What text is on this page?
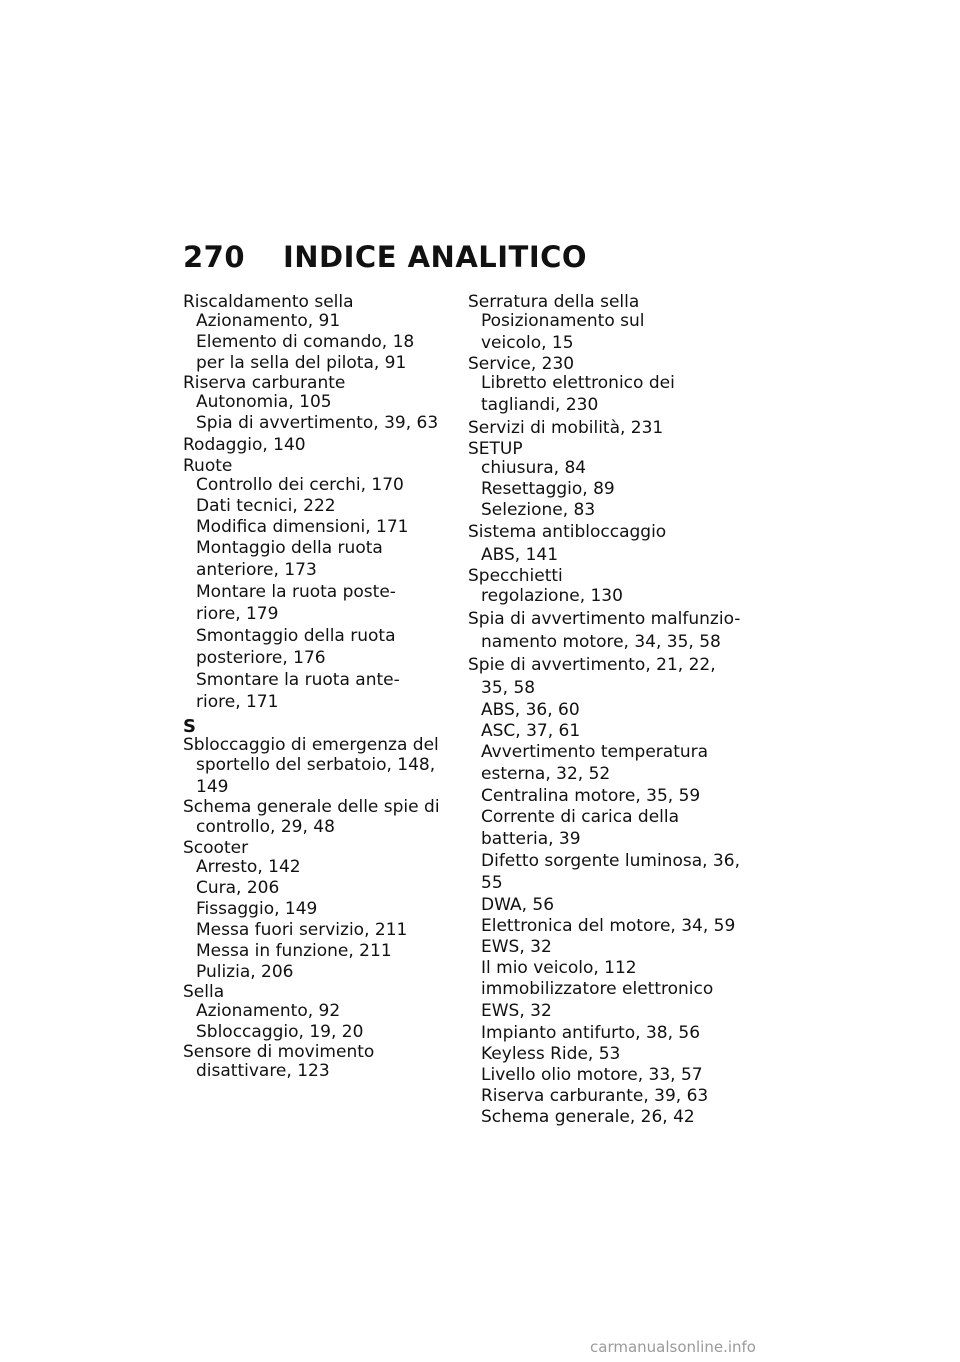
270 INDICE ANALITICO
Riscaldamento sella
Azionamento, 91
Elemento di comando, 18
per la sella del pilota, 91
Riserva carburante
Autonomia, 105
Spia di avvertimento, 39, 63
Rodaggio, 140
Ruote
Controllo dei cerchi, 170
Dati tecnici, 222
Modifica dimensioni, 171
Montaggio della ruota
anteriore, 173
Montare la ruota poste-
riore, 179
Smontaggio della ruota
posteriore, 176
Smontare la ruota ante-
riore, 171
S
Sbloccaggio di emergenza del
sportello del serbatoio, 148,
149
Schema generale delle spie di
controllo, 29, 48
Scooter
Arresto, 142
Cura, 206
Fissaggio, 149
Messa fuori servizio, 211
Messa in funzione, 211
Pulizia, 206
Sella
Azionamento, 92
Sbloccaggio, 19, 20
Sensore di movimento
disattivare, 123
Serratura della sella
Posizionamento sul
veicolo, 15
Service, 230
Libretto elettronico dei
tagliandi, 230
Servizi di mobilità, 231
SETUP
chiusura, 84
Resettaggio, 89
Selezione, 83
Sistema antibloccaggio
ABS, 141
Specchietti
regolazione, 130
Spia di avvertimento malfunzio-
namento motore, 34, 35, 58
Spie di avvertimento, 21, 22,
35, 58
ABS, 36, 60
ASC, 37, 61
Avvertimento temperatura
esterna, 32, 52
Centralina motore, 35, 59
Corrente di carica della
batteria, 39
Difetto sorgente luminosa, 36,
55
DWA, 56
Elettronica del motore, 34, 59
EWS, 32
Il mio veicolo, 112
immobilizzatore elettronico
EWS, 32
Impianto antifurto, 38, 56
Keyless Ride, 53
Livello olio motore, 33, 57
Riserva carburante, 39, 63
Schema generale, 26, 42
carmanualsonline.info
